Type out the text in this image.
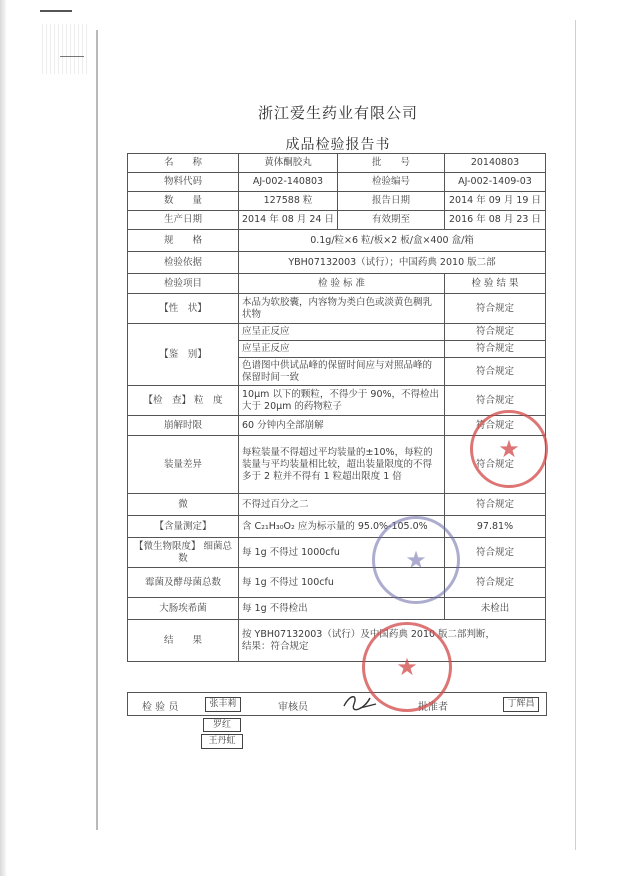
浙江爱生药业有限公司
成品检验报告书
名　　称	黄体酮胶丸	批　　号	20140803
物料代码	AJ-002-140803	检验编号	AJ-002-1409-03
数　　量	127588 粒	报告日期	2014 年 09 月 19 日
生产日期	2014 年 08 月 24 日	有效期至	2016 年 08 月 23 日
规　　格	0.1g/粒×6 粒/板×2 板/盒×400 盒/箱		
检验依据	YBH07132003（试行）；中国药典 2010 版二部		
检验项目	检 验 标 准		检 验 结 果
【性　状】	本品为软胶囊，内容物为类白色或淡黄色稠乳状物		符合规定
【鉴　别】	应呈正反应		符合规定
	应呈正反应		符合规定
	色谱图中供试品峰的保留时间应与对照品峰的保留时间一致		符合规定
【检　查】 粒　度	10μm 以下的颗粒，不得少于 90%，不得检出大于 20μm 的药物粒子		符合规定
崩解时限	60 分钟内全部崩解		符合规定
装量差异	每粒装量不得超过平均装量的±10%，每粒的装量与平均装量相比较，超出装量限度的不得多于 2 粒并不得有 1 粒超出限度 1 倍		符合规定
微	不得过百分之二		符合规定
【含量测定】	含 C₂₁H₃₀O₂ 应为标示量的 95.0%-105.0%		97.81%
【微生物限度】 细菌总数	每 1g 不得过 1000cfu		符合规定
霉菌及酵母菌总数	每 1g 不得过 100cfu		符合规定
大肠埃希菌	每 1g 不得检出		未检出
结　　果	按 YBH07132003（试行）及中国药典 2010 版二部判断，
结果：符合规定		
检 验 员	审核员	批准者
张丰莉
罗红
王丹虹
丁辉昌
★
★
★
